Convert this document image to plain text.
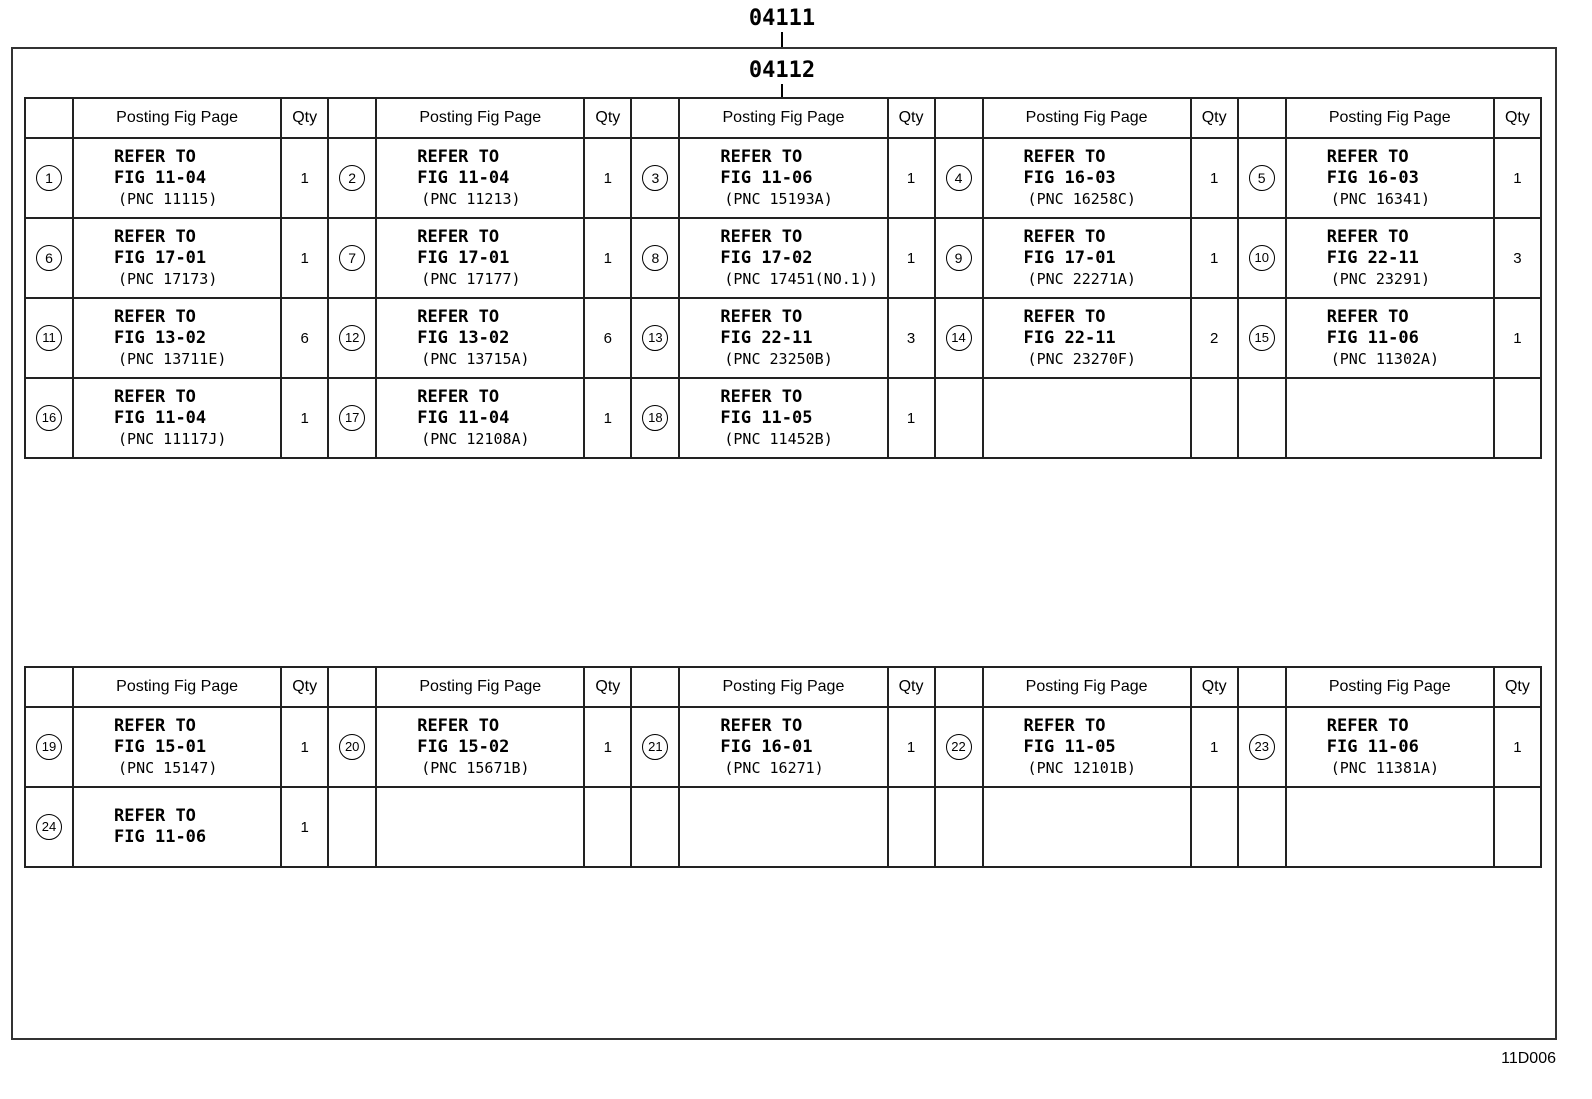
04111
04112
	Posting Fig Page	Qty		Posting Fig Page	Qty		Posting Fig Page	Qty		Posting Fig Page	Qty		Posting Fig Page	Qty
1	REFER TO
FIG 11-04
(PNC 11115)	1	2	REFER TO
FIG 11-04
(PNC 11213)	1	3	REFER TO
FIG 11-06
(PNC 15193A)	1	4	REFER TO
FIG 16-03
(PNC 16258C)	1	5	REFER TO
FIG 16-03
(PNC 16341)	1
6	REFER TO
FIG 17-01
(PNC 17173)	1	7	REFER TO
FIG 17-01
(PNC 17177)	1	8	REFER TO
FIG 17-02
(PNC 17451(NO.1))	1	9	REFER TO
FIG 17-01
(PNC 22271A)	1	10	REFER TO
FIG 22-11
(PNC 23291)	3
11	REFER TO
FIG 13-02
(PNC 13711E)	6	12	REFER TO
FIG 13-02
(PNC 13715A)	6	13	REFER TO
FIG 22-11
(PNC 23250B)	3	14	REFER TO
FIG 22-11
(PNC 23270F)	2	15	REFER TO
FIG 11-06
(PNC 11302A)	1
16	REFER TO
FIG 11-04
(PNC 11117J)	1	17	REFER TO
FIG 11-04
(PNC 12108A)	1	18	REFER TO
FIG 11-05
(PNC 11452B)	1						
	Posting Fig Page	Qty		Posting Fig Page	Qty		Posting Fig Page	Qty		Posting Fig Page	Qty		Posting Fig Page	Qty
19	REFER TO
FIG 15-01
(PNC 15147)	1	20	REFER TO
FIG 15-02
(PNC 15671B)	1	21	REFER TO
FIG 16-01
(PNC 16271)	1	22	REFER TO
FIG 11-05
(PNC 12101B)	1	23	REFER TO
FIG 11-06
(PNC 11381A)	1
24	REFER TO
FIG 11-06	1												
11D006
